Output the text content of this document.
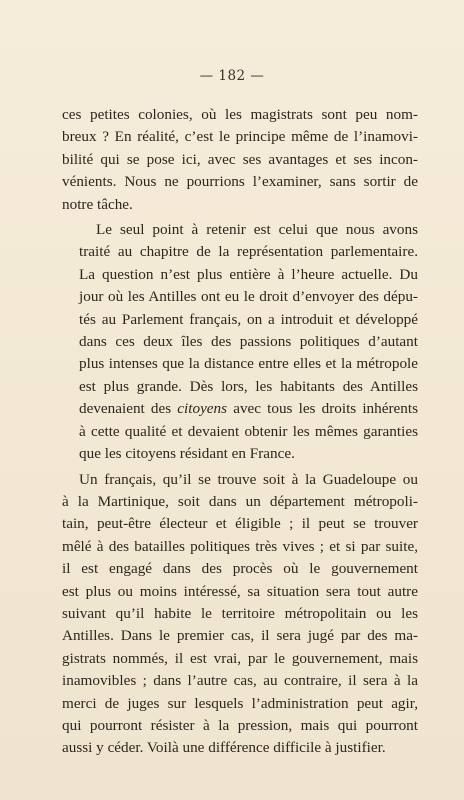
— 182 —

ces petites colonies, où les magistrats sont peu nom-
breux ? En réalité, c’est le principe même de l’inamovi-
bilité qui se pose ici, avec ses avantages et ses incon-
vénients. Nous ne pourrions l’examiner, sans sortir de
notre tâche.

Le seul point à retenir est celui que nous avons
traité au chapitre de la représentation parlementaire.
La question n’est plus entière à l’heure actuelle. Du
jour où les Antilles ont eu le droit d’envoyer des dépu-
tés au Parlement français, on a introduit et développé
dans ces deux îles des passions politiques d’autant
plus intenses que la distance entre elles et la métropole
est plus grande. Dès lors, les habitants des Antilles
devenaient des citoyens avec tous les droits inhérents
à cette qualité et devaient obtenir les mêmes garanties
que les citoyens résidant en France.

Un français, qu’il se trouve soit à la Guadeloupe ou
à la Martinique, soit dans un département métropoli-
tain, peut-être électeur et éligible ; il peut se trouver
mêlé à des batailles politiques très vives ; et si par suite,
il est engagé dans des procès où le gouvernement
est plus ou moins intéressé, sa situation sera tout autre
suivant qu’il habite le territoire métropolitain ou les
Antilles. Dans le premier cas, il sera jugé par des ma-
gistrats nommés, il est vrai, par le gouvernement, mais
inamovibles ; dans l’autre cas, au contraire, il sera à la
merci de juges sur lesquels l’administration peut agir,
qui pourront résister à la pression, mais qui pourront
aussi y céder. Voilà une différence difficile à justifier.
